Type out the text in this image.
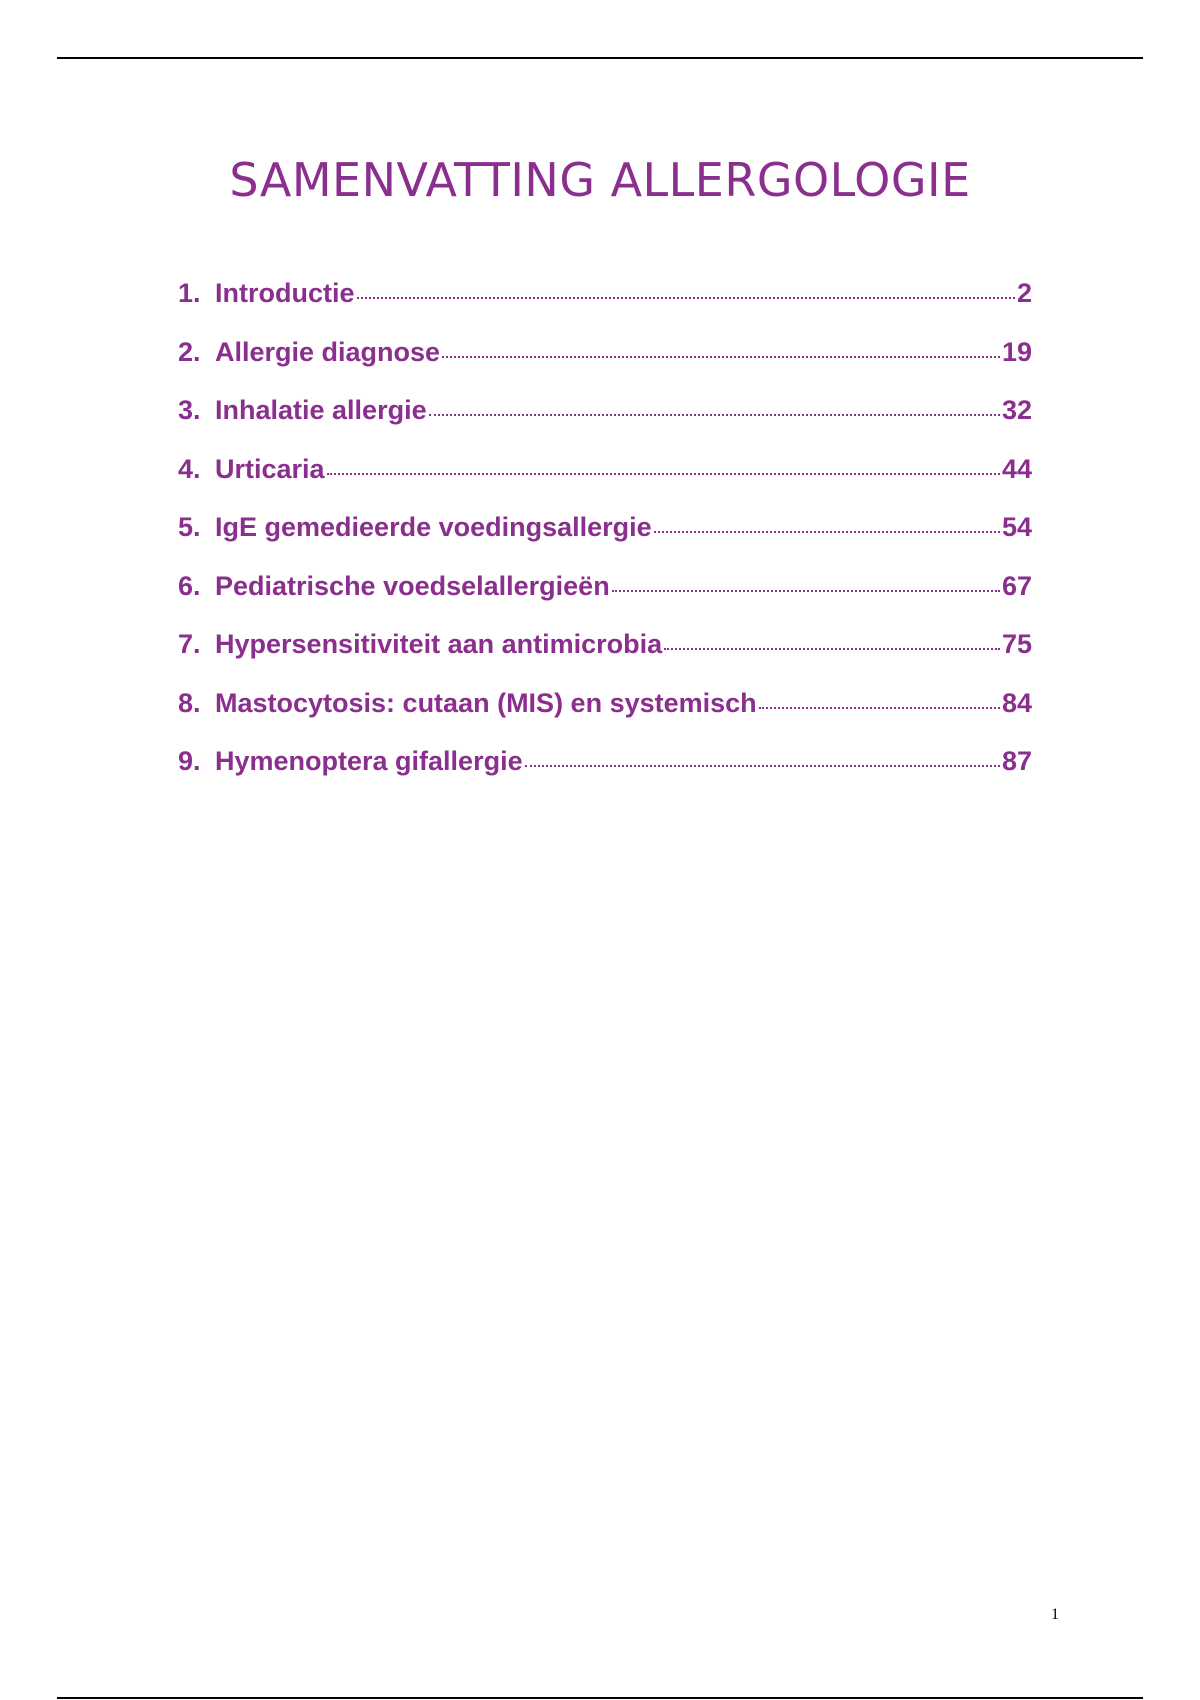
SAMENVATTING ALLERGOLOGIE
1. Introductie	2
2. Allergie diagnose	19
3. Inhalatie allergie	32
4. Urticaria	44
5. IgE gemedieerde voedingsallergie	54
6. Pediatrische voedselallergieën	67
7. Hypersensitiviteit aan antimicrobia	75
8. Mastocytosis: cutaan (MIS) en systemisch	84
9. Hymenoptera gifallergie	87
1
